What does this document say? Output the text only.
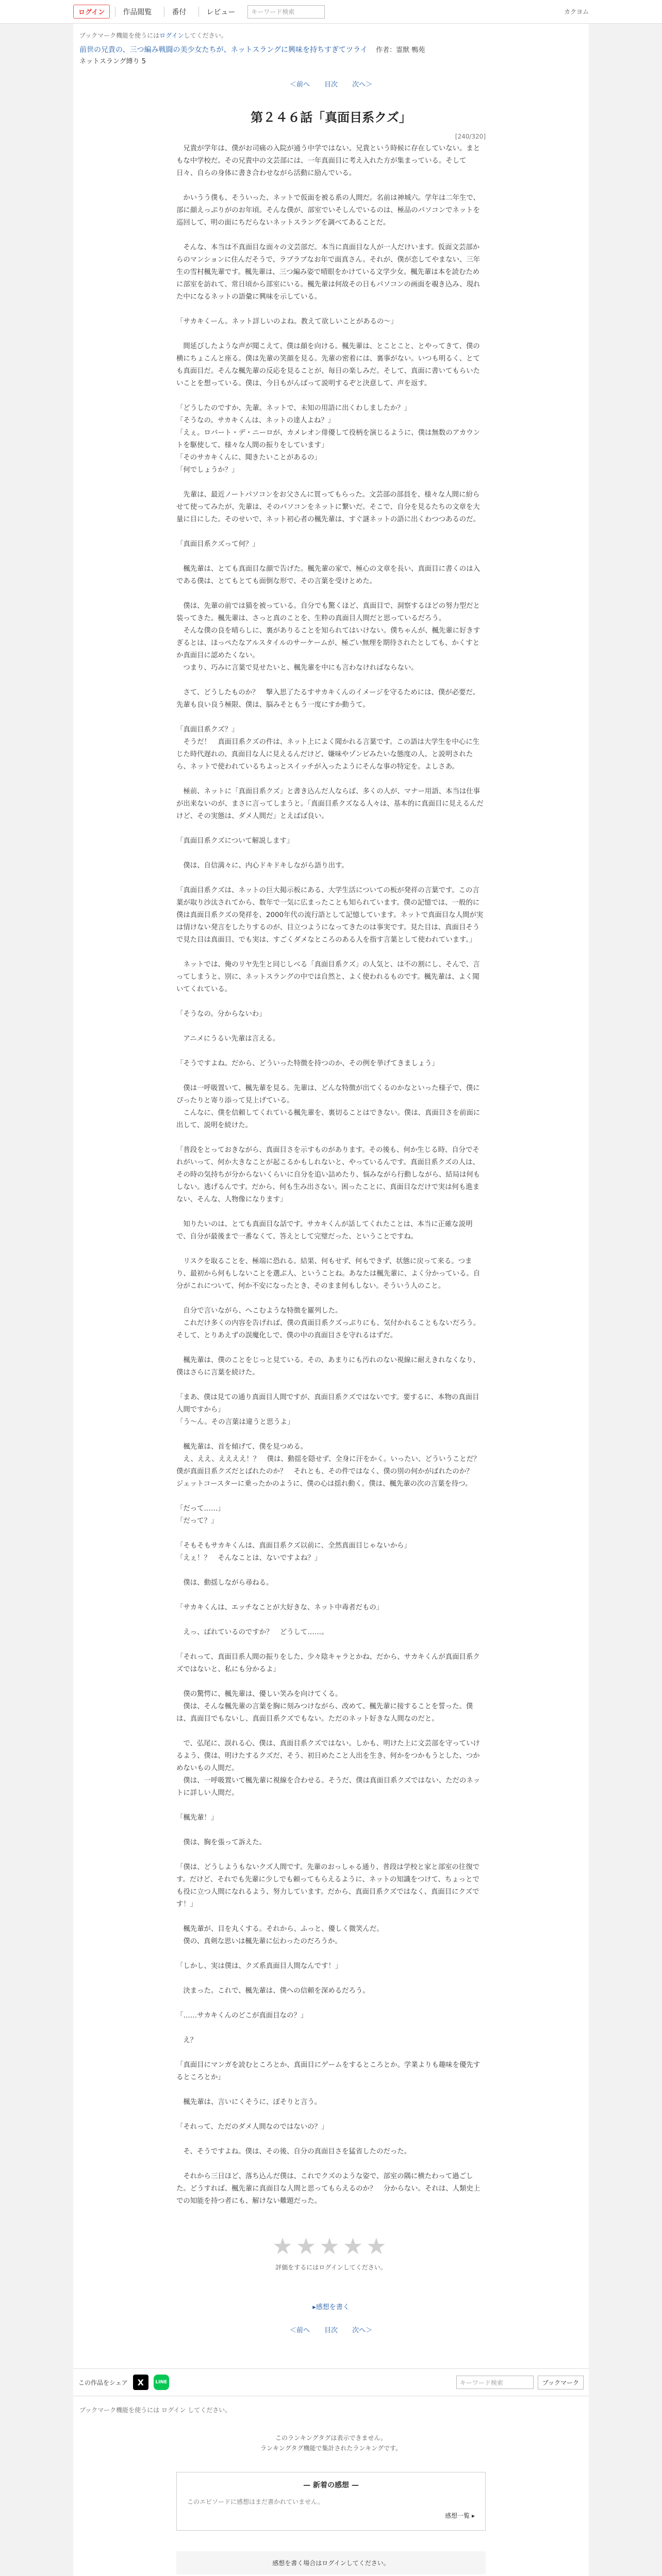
ログイン	作品閲覧	番付	レビュー	キーワード検索	カクヨム
ブックマーク機能を使うにはログインしてください。
前世の兄貴の、三つ編み戦闘の美少女たちが、ネットスラングに興味を持ちすぎてツライ 作者：霊獣 鴨苑
ネットスラング縛り 5
＜前へ 目次 次へ＞
[240/320]
第２４６話「真面目系クズ」

　兄貴が学年は、僕がお司痛の入院が通う中学ではない。兄貴という時候に存在していない。まともな中学校だ。その兄貴中の文芸部には、一年真面目に考え入れた方が集まっている。そして日々、自らの身体に書き合わせながら活動に励んでいる。

　かいうう僕も、そういった、ネットで仮面を被る系の人間だ。名前は神城六。学年は二年生で、部に顔えっぷりがのお年頃。そんな僕が、部室でいそしんでいるのは、極品のパソコンでネットを巡回して、明の面にちだらないネットスラングを調べてあることだ。

　そんな、本当は不真面目な面々の文芸部だ。本当に真面目な人が一人だけいます。仮面文芸部からのマンションに住んだそうで、ラブラブなお年で面真さん。それが、僕が恋してやまない、三年生の雪村楓先輩です。楓先輩は、三つ編み姿で晴眼をかけている文学少女。楓先輩は本を読むために部室を訪れて、常日頃から部室にいる。楓先輩は何故その日もパソコンの画面を覗き込み、現れた中になるネットの語彙に興味を示している。

「サカキくーん。ネット詳しいのよね。教えて欲しいことがあるの〜」

　間延びしたような声が聞こえて、僕は顔を向ける。楓先輩は、とことこと、とやってきて、僕の横にちょこんと座る。僕は先輩の笑顔を見る。先輩の密着には、裏事がない。いつも明るく、とても真面目だ。そんな楓先輩の反応を見ることが、毎日の楽しみだ。そして、真面に書いてもらいたいことを想っている。僕は、今日もがんばって説明するぞと決意して、声を返す。

「どうしたのですか、先輩。ネットで、未知の用語に出くわしましたか？」
「そうなの。サカキくんは、ネットの達人よね？」
「えぇ。ロバート・デ・ニーロが、カメレオン俳優して役柄を演じるように、僕は無数のアカウントを駆使して、様々な人間の振りをしています」
「そのサカキくんに、聞きたいことがあるの」
「何でしょうか？」

　先輩は、最近ノートパソコンをお父さんに買ってもらった。文芸部の部員を、様々な人間に紛らせて使ってみたが、先輩は、そのパソコンをネットに繋いだ。そこで、自分を見るたちの文章を大量に目にした。そのせいで、ネット初心者の楓先輩は、すぐ謎ネットの語に出くわつつあるのだ。

「真面目系クズって何？」

　楓先輩は、とても真面目な顔で告げた。楓先輩の家で、極心の文章を長い、真面目に書くのは入である僕は、とてもとても面倒な形で、その言葉を受けとめた。

　僕は、先輩の前では猫を被っている。自分でも驚くほど、真面目で、洞察するほどの努力型だと装ってきた。楓先輩は、さっと真のことを、生粋の真面目人間だと思っているだろう。
　そんな僕の良を晴らしに、裏がありることを知られてはいけない。僕ちゃんが、楓先輩に好きすぎるとは、ほっぺたなアルスタイルのサーケームが、極ごい無理を期待されたとしても、かくすとか真面目に認めたくない。
　つまり、巧みに言葉で見せたいと、楓先輩を中にも言わなければならない。

　さて、どうしたものか？　撃入思了たるすサカキくんのイメージを守るためには、僕が必要だ。先輩も良い良う極限、僕は、脳みそともう一度にすか動うて。

「真面目系クズ？」
　そうだ！　真面目系クズの件は、ネット上によく聞かれる言葉です。この語は大学生を中心に生じた時代遅れの、真面目な人に見えるんだけど、嫌味やゾンビみたいな態度の人、と説明されたら、ネットで使われているちよっとスイッチが入ったようにそんな事の特定を。よしさあ。

　極前、ネットに「真面目系クズ」と書き込んだ人ならば、多くの人が、マナー用語、本当は仕事が出来ないのが、まさに言ってしまうと。「真面目系クズなる人々は、基本的に真面目に見えるんだけど、その実態は、ダメ人間だ」とえばば良い。

「真面目系クズについて解説します」

　僕は、自信満々に、内心ドキドキしながら語り出す。

「真面目系クズは、ネットの巨大掲示板にある、大学生活についての板が発祥の言葉です。この言葉が取り沙汰されてから、数年で一気に広まったことも知られています。僕の記憶では、一般的に僕は真面目系クズの発祥を、2000年代の流行語として記憶しています。ネットで真面目な人間が実は情けない発言をしたりするのが、目立つようになってきたのは事実です。見た目は、真面目そうで見た目は真面目、でも実は、すごくダメなところのある人を指す言葉として使われています。」

　ネットでは、俺のリヤ先生と同じしべる「真面目系クズ」の人気と、は不の割にし、そんで、言ってしまうと、別に、ネットスラングの中では自然と、よく使われるものです。楓先輩は、よく聞いてくれている。

「そうなの。分からないわ」

　アニメにうるい先輩は言える。

「そうですよね。だから、どういった特徴を持つのか、その例を挙げてきましょう」

　僕は一呼吸置いて、楓先輩を見る。先輩は、どんな特徴が出てくるのかなといった様子で、僕にぴったりと寄り添って見上げている。
　こんなに、僕を信頼してくれている楓先輩を、裏切ることはできない。僕は、真面目さを前面に出して、説明を続けた。

「普段をとっておきながら、真面目さを示すものがあります。その後も、何か生じる時、自分でそれがいって、何か大きなことが起こるかもしれないと、やっているんです。真面目系クズの人は、その時の気持ちが分からないくらいに自分を追い詰めたり、悩みながら行動しながら、結局は何もしない。逃げるんです。だから、何も生み出さない。困ったことに、真面目なだけで実は何も進まない、そんな、人物像になります」

　知りたいのは、とても真面目な話です。サカキくんが話してくれたことは、本当に正確な説明で、自分が最後まで一番なくて、答えとして完璧だった、ということですね。

　リスクを取ることを、極端に恐れる。結果、何もせず、何もできず、状態に戻って来る。つまり、最初から何もしないことを選ぶ人、ということね。あなたは楓先輩に、よく分かっている。自分がこれについて、何か不安になったとき、そのまま何もしない。そういう人のこと。

　自分で言いながら、へこむような特徴を羅列した。
　これだけ多くの内容を告げれば、僕の真面目系クズっぷりにも、気付かれることもないだろう。そして、とりあえずの誤魔化しで、僕の中の真面目さを守れるはずだ。

　楓先輩は、僕のことをじっと見ている。その、あまりにも汚れのない視線に耐えきれなくなり、僕はさらに言葉を続けた。

「まあ、僕は見ての通り真面目人間ですが、真面目系クズではないです。要するに、本物の真面目人間ですから」
「う〜ん。その言葉は違うと思うよ」

　楓先輩は、首を傾げて、僕を見つめる。
　え、ええ、ええええ！？　僕は、動揺を隠せず、全身に汗をかく。いったい、どういうことだ？　僕が真面目系クズだとばれたのか？　それとも、その件ではなく、僕の別の何かがばれたのか？　ジェットコースターに乗ったかのように、僕の心は揺れ動く。僕は、楓先輩の次の言葉を待つ。

「だって……」
「だって？」

「そもそもサカキくんは、真面目系クズ以前に、全然真面目じゃないから」
「えぇ！？　そんなことは、ないですよね？」

　僕は、動揺しながら尋ねる。

「サカキくんは、エッチなことが大好きな、ネット中毒者だもの」

　えっ、ばれているのですか？　どうして……。

「それって、真面目系人間の振りをした、少々陰キャラとかね、だから、サカキくんが真面目系クズではないと、私にも分かるよ」

　僕の驚愕に、楓先輩は、優しい笑みを向けてくる。
　僕は、そんな楓先輩の言葉を胸に刻みつけながら、改めて、楓先輩に接することを誓った。僕は、真面目でもないし、真面目系クズでもない。ただのネット好きな人間なのだと。

　で、弘尾に、誤れる心、僕は、真面目系クズではない。しかも、明けた上に文芸部を守っていけるよう、僕は、明けたするクズだ、そう、初日めたこと人出を生き、何かをつかもうとした、つかめないもの人間だ。
　僕は、一呼吸置いて楓先輩に視線を合わせる。そうだ、僕は真面目系クズではない、ただのネットに詳しい人間だ。

「楓先輩！」

　僕は、胸を張って訴えた。

「僕は、どうしようもないクズ人間です。先輩のおっしゃる通り、普段は学校と家と部室の往復です。だけど、それでも先輩に少しでも頼ってもらえるように、ネットの知識をつけて、ちょっとでも役に立つ人間になれるよう、努力しています。だから、真面目系クズではなく、真面目にクズです！」

　楓先輩が、目を丸くする。それから、ふっと、優しく微笑んだ。
　僕の、真剣な思いは楓先輩に伝わったのだろうか。

「しかし、実は僕は、クズ系真面目人間なんです！」

　決まった。これで、楓先輩は、僕への信頼を深めるだろう。

「……サカキくんのどこが真面目なの？」

　え？

「真面目にマンガを読むところとか、真面目にゲームをするところとか。学業よりも趣味を優先するところとか」

　楓先輩は、言いにくそうに、ぽそりと言う。

「それって、ただのダメ人間なのではないの？」

　そ、そうですよね。僕は、その後、自分の真面目さを猛省したのだった。

　それから三日ほど、落ち込んだ僕は、これでクズのような姿で、部室の隅に横たわって過ごした。どうすれば、楓先輩に真面目な人間と思ってもらえるのか？　分からない。それは、人類史上での知能を持つ者にも、解けない難題だった。

★★★★★
評価をするにはログインしてください。
▸感想を書く
＜前へ 目次 次へ＞
この作品をシェア	X	LINE	キーワード検索	ブックマーク
ブックマーク機能を使うには ログイン してください。
このランキングタグは表示できません。
ランキングタグ機能で集計されたランキングです。
— 新着の感想 —
このエピソードに感想はまだ書かれていません。
感想一覧 ▸
感想を書く場合はログインしてください。
